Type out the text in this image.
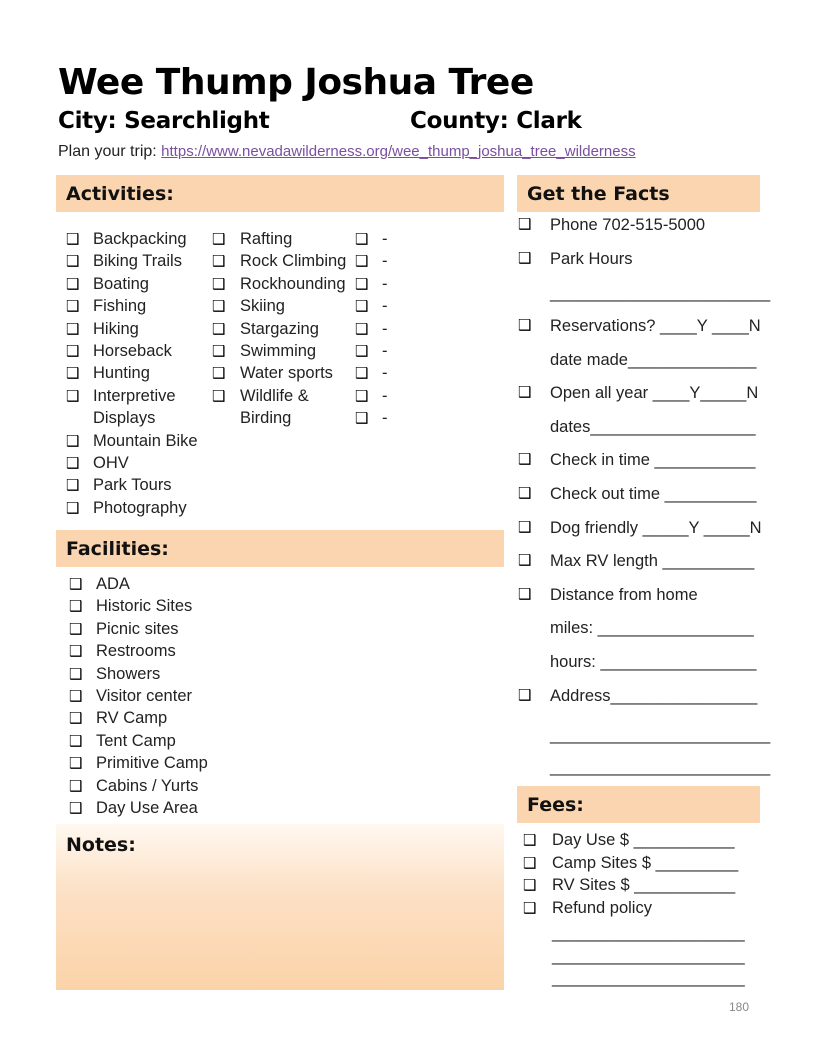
Wee Thump Joshua Tree
City: Searchlight	County: Clark
Plan your trip: https://www.nevadawilderness.org/wee_thump_joshua_tree_wilderness
Activities:
❑ Backpacking
❑ Biking Trails
❑ Boating
❑ Fishing
❑ Hiking
❑ Horseback
❑ Hunting
❑ Interpretive
Displays
❑ Mountain Bike
❑ OHV
❑ Park Tours
❑ Photography
❑ Rafting
❑ Rock Climbing
❑ Rockhounding
❑ Skiing
❑ Stargazing
❑ Swimming
❑ Water sports
❑ Wildlife &
Birding
❑ -
❑ -
❑ -
❑ -
❑ -
❑ -
❑ -
❑ -
❑ -
Facilities:
❑ ADA
❑ Historic Sites
❑ Picnic sites
❑ Restrooms
❑ Showers
❑ Visitor center
❑ RV Camp
❑ Tent Camp
❑ Primitive Camp
❑ Cabins / Yurts
❑ Day Use Area
Notes:
Get the Facts
❑ Phone 702-515-5000
❑ Park Hours
________________________
❑ Reservations? ____Y ____N
date made______________
❑ Open all year ____Y_____N
dates__________________
❑ Check in time ___________
❑ Check out time __________
❑ Dog friendly _____Y _____N
❑ Max RV length __________
❑ Distance from home
miles: _________________
hours: _________________
❑ Address________________
________________________
________________________
Fees:
❑ Day Use $ ___________
❑ Camp Sites $ _________
❑ RV Sites $ ___________
❑ Refund policy
_____________________
_____________________
_____________________
180
